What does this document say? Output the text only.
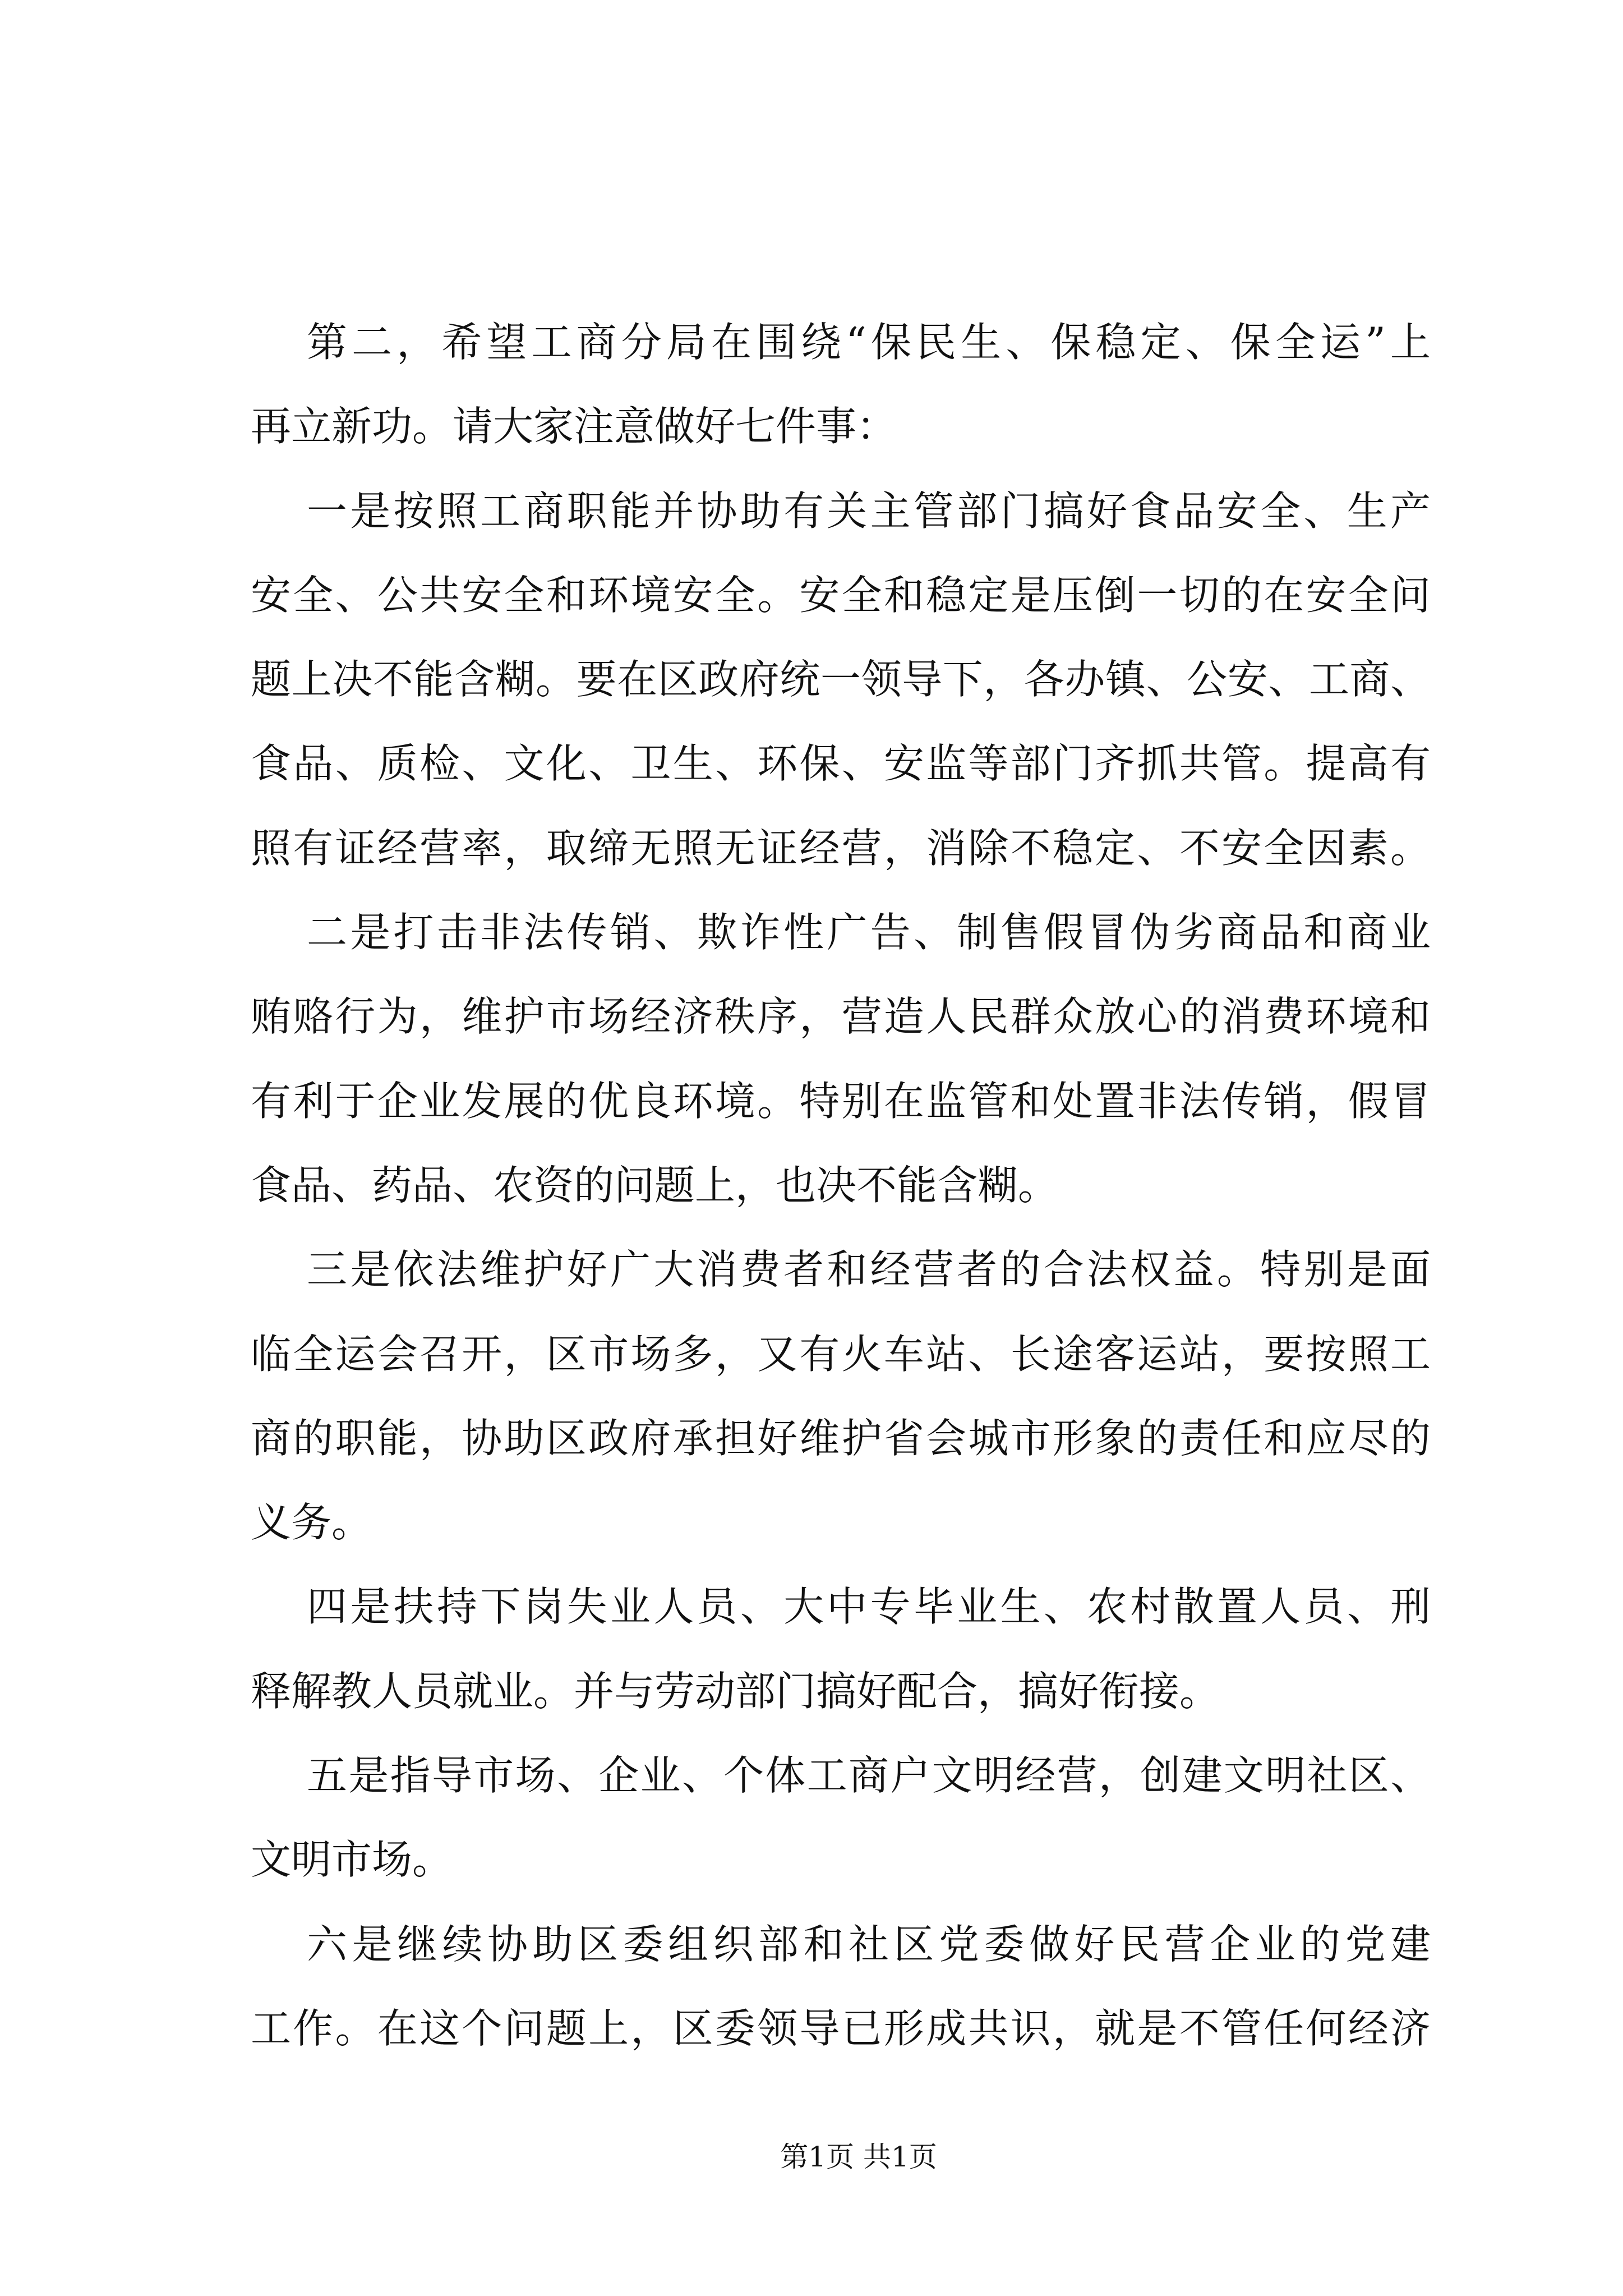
第二，希望工商分局在围绕“保民生、保稳定、保全运”上
再立新功。请大家注意做好七件事：
一是按照工商职能并协助有关主管部门搞好食品安全、生产
安全、公共安全和环境安全。安全和稳定是压倒一切的在安全问
题上决不能含糊。要在区政府统一领导下，各办镇、公安、工商、
食品、质检、文化、卫生、环保、安监等部门齐抓共管。提高有
照有证经营率，取缔无照无证经营，消除不稳定、不安全因素。
二是打击非法传销、欺诈性广告、制售假冒伪劣商品和商业
贿赂行为，维护市场经济秩序，营造人民群众放心的消费环境和
有利于企业发展的优良环境。特别在监管和处置非法传销，假冒
食品、药品、农资的问题上，也决不能含糊。
三是依法维护好广大消费者和经营者的合法权益。特别是面
临全运会召开，区市场多，又有火车站、长途客运站，要按照工
商的职能，协助区政府承担好维护省会城市形象的责任和应尽的
义务。
四是扶持下岗失业人员、大中专毕业生、农村散置人员、刑
释解教人员就业。并与劳动部门搞好配合，搞好衔接。
五是指导市场、企业、个体工商户文明经营，创建文明社区、
文明市场。
六是继续协助区委组织部和社区党委做好民营企业的党建
工作。在这个问题上，区委领导已形成共识，就是不管任何经济
第1页 共1页
